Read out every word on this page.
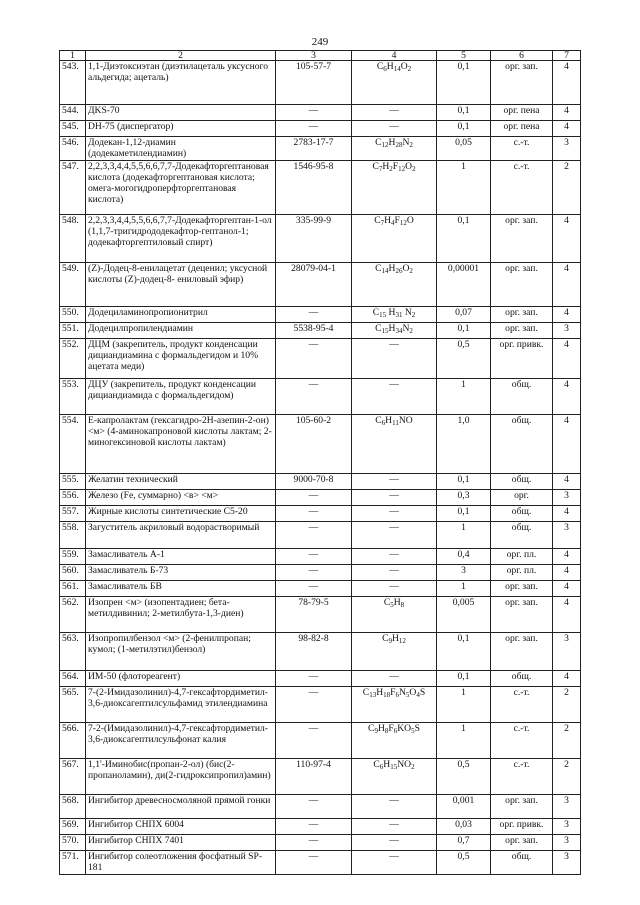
249
1	2	3	4	5	6	7
543.	1,1-Диэтоксиэтан (диэтилацеталь уксусного альдегида; ацеталь)	105-57-7	$C_6H_{14}O_2$	0,1	орг. зап.	4
544.	ДKS-70	—	—	0,1	орг. пена	4
545.	DH-75 (диспергатор)	—	—	0,1	орг. пена	4
546.	Додекан-1,12-диамин (додекаметилендиамин)	2783-17-7	$C_{12}H_{28}N_2$	0,05	с.-т.	3
547.	2,2,3,3,4,4,5,5,6,6,7,7-Додекафторгептановая кислота (додекафторгептановая кислота; омега-могогидроперфторгептановая кислота)	1546-95-8	$C_7H_2F_{12}O_2$	1	с.-т.	2
548.	2,2,3,3,4,4,5,5,6,6,7,7-Додекафторгептан-1-ол (1,1,7-тригидрододекафтор-гептанол-1; додекафторгептиловый спирт)	335-99-9	$C_7H_4F_{12}O$	0,1	орг. зап.	4
549.	(Z)-Додец-8-енилацетат (деценил; уксусной кислоты (Z)-додец-8- ениловый эфир)	28079-04-1	$C_{14}H_{26}O_2$	0,00001	орг. зап.	4
550.	Додециламинопропионитрил	—	$C_{15}$ $H_{31}$ $N_2$	0,07	орг. зап.	4
551.	Додецилпропилендиамин	5538-95-4	$C_{15}H_{34}N_2$	0,1	орг. зап.	3
552.	ДЦМ (закрепитель, продукт конденсации дициандиамина с формальдегидом и 10% ацетата меди)	—	—	0,5	орг. привк.	4
553.	ДЦУ (закрепитель, продукт конденсации дициандиамида с формальдегидом)	—	—	1	общ.	4
554.	Е-капролактам (гексагидро-2Н-азепин-2-он) <м> (4-аминокапроновой кислоты лактам; 2-миногексиновой кислоты лактам)	105-60-2	$C_6H_{11}NO$	1,0	общ.	4
555.	Желатин технический	9000-70-8	—	0,1	общ.	4
556.	Железо (Fe, суммарно) <в> <м>	—	—	0,3	орг.	3
557.	Жирные кислоты синтетические С5-20	—	—	0,1	общ.	4
558.	Загуститель акриловый водорастворимый	—	—	1	общ.	3
559.	Замасливатель А-1	—	—	0,4	орг. пл.	4
560.	Замасливатель Б-73	—	—	3	орг. пл.	4
561.	Замасливатель БВ	—	—	1	орг. зап.	4
562.	Изопрен <м> (изопентадиен; бета-метилдивинил; 2-метилбута-1,3-диен)	78-79-5	$C_5H_8$	0,005	орг. зап.	4
563.	Изопропилбензол <м> (2-фенилпропан; кумол; (1-метилэтил)бензол)	98-82-8	$C_9H_{12}$	0,1	орг. зап.	3
564.	ИМ-50 (флотореагент)	—	—	0,1	общ.	4
565.	7-(2-Имидазолинил)-4,7-гексафтордиметил- 3,6-диоксагептилсульфамид этилендиамина	—	$C_{13}H_{18}F_6N_5O_4S$	1	с.-т.	2
566.	7-2-(Имидазолинил)-4,7-гексафтордиметил- 3,6-диоксагептилсульфонат калия	—	$C_9H_8F_6KO_5S$	1	с.-т.	2
567.	1,1'-Иминобис(пропан-2-ол) (бис(2-пропаноламин), ди(2-гидроксипропил)амин)	110-97-4	$C_6H_{15}NO_2$	0,5	с.-т.	2
568.	Ингибитор древесносмоляной прямой гонки	—	—	0,001	орг. зап.	3
569.	Ингибитор СНПХ 6004	—	—	0,03	орг. привк.	3
570.	Ингибитор СНПХ 7401	—	—	0,7	орг. зап.	3
571.	Ингибитор солеотложения фосфатный SP-181	—	—	0,5	общ.	3
